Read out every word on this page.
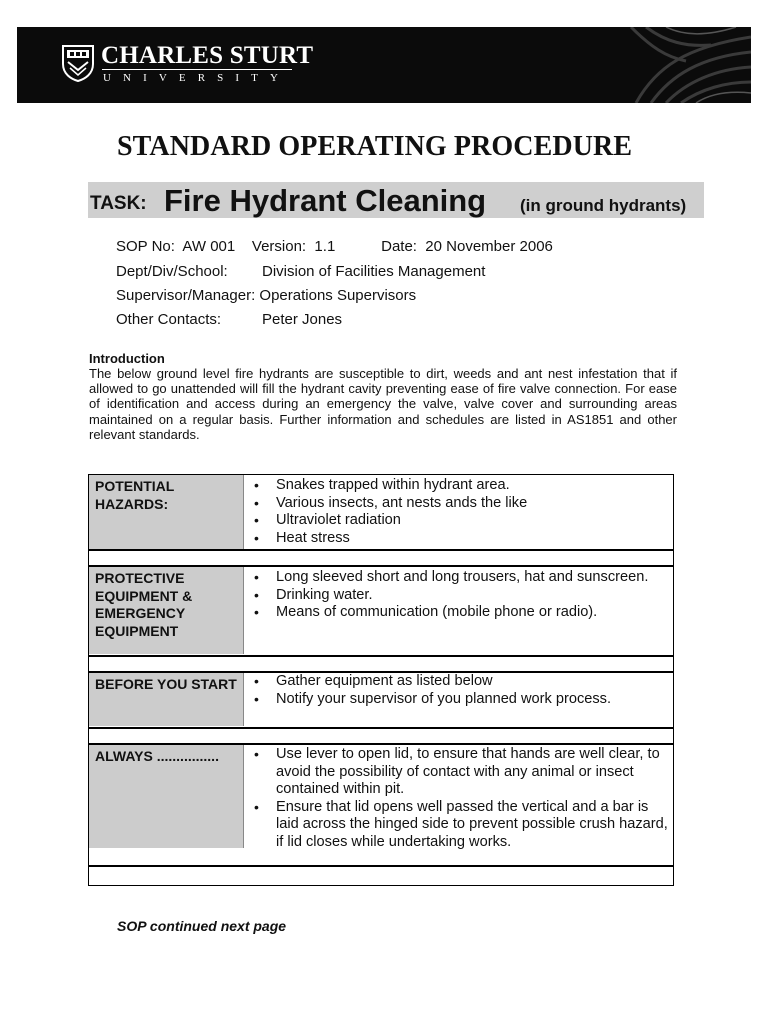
CHARLES STURT
UNIVERSITY
STANDARD OPERATING PROCEDURE
TASK: Fire Hydrant Cleaning (in ground hydrants)
SOP No:  AW 001    Version:  1.1           Date:  20 November 2006
Dept/Div/School: Division of Facilities Management
Supervisor/Manager: Operations Supervisors
Other Contacts:	Peter Jones
Introduction

The below ground level fire hydrants are susceptible to dirt, weeds and ant nest infestation that if allowed to go unattended will fill the hydrant cavity preventing ease of fire valve connection. For ease of identification and access during an emergency the valve, valve cover and surrounding areas maintained on a regular basis. Further information and schedules are listed in AS1851 and other relevant standards.

POTENTIAL HAZARDS:
• Snakes trapped within hydrant area.
• Various insects, ant nests ands the like
• Ultraviolet radiation
• Heat stress
PROTECTIVE EQUIPMENT & EMERGENCY EQUIPMENT
• Long sleeved short and long trousers, hat and sunscreen.
• Drinking water.
• Means of communication (mobile phone or radio).
BEFORE YOU START	• Gather equipment as listed below
• Notify your supervisor of you planned work process.
ALWAYS ................	• Use lever to open lid, to ensure that hands are well clear, to avoid the possibility of contact with any animal or insect contained within pit.
• Ensure that lid opens well passed the vertical and a bar is laid across the hinged side to prevent possible crush hazard, if lid closes while undertaking works.
SOP continued next page
